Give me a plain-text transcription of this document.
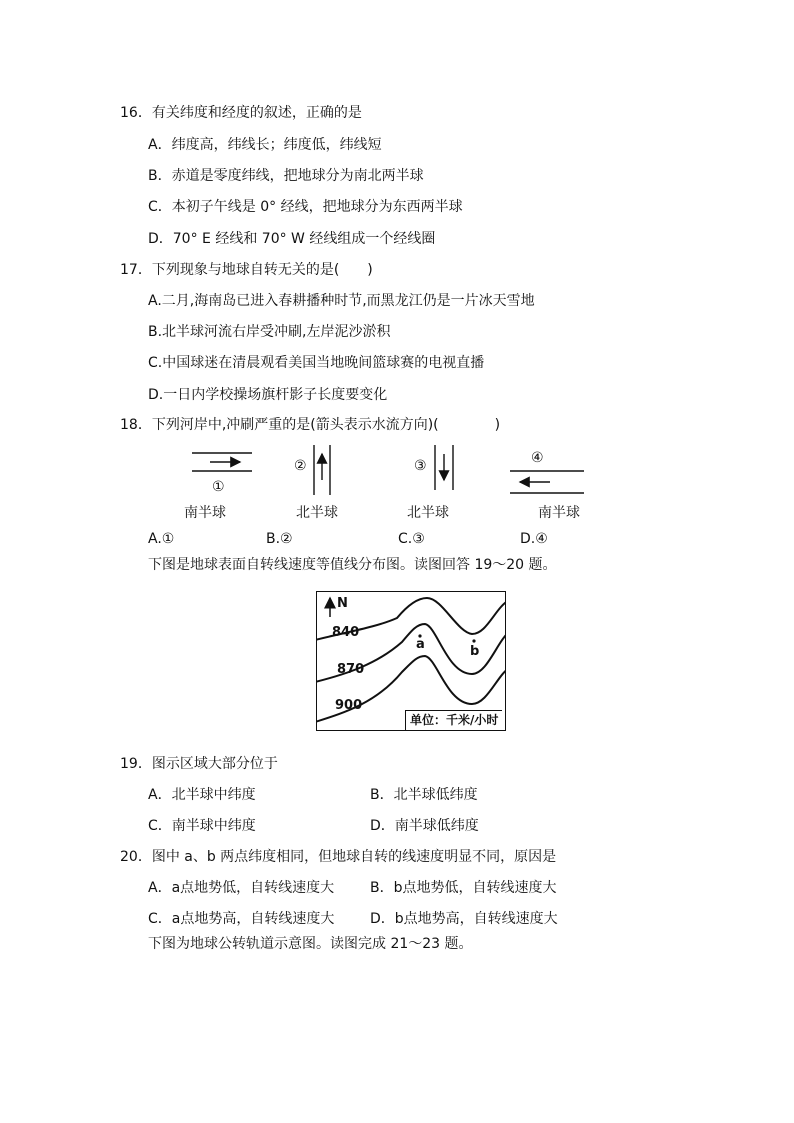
16．有关纬度和经度的叙述，正确的是
A．纬度高，纬线长；纬度低，纬线短
B．赤道是零度纬线，把地球分为南北两半球
C．本初子午线是 0° 经线，把地球分为东西两半球
D．70° E 经线和 70° W 经线组成一个经线圈
17．下列现象与地球自转无关的是(　　)
A.二月,海南岛已进入春耕播种时节,而黑龙江仍是一片冰天雪地
B.北半球河流右岸受冲刷,左岸泥沙淤积
C.中国球迷在清晨观看美国当地晚间篮球赛的电视直播
D.一日内学校操场旗杆影子长度要变化
18．下列河岸中,冲刷严重的是(箭头表示水流方向)(　　　　)
①
②	③	④
南半球	北半球	北半球	南半球
A.①	B.②	C.③	D.④
下图是地球表面自转线速度等值线分布图。读图回答 19～20 题。
N
840
870
900
a	b
单位：千米/小时
19．图示区域大部分位于
A．北半球中纬度	B．北半球低纬度
C．南半球中纬度	D．南半球低纬度
20．图中 a、b 两点纬度相同，但地球自转的线速度明显不同，原因是
A．a点地势低，自转线速度大	B．b点地势低，自转线速度大
C．a点地势高，自转线速度大	D．b点地势高，自转线速度大
下图为地球公转轨道示意图。读图完成 21～23 题。
